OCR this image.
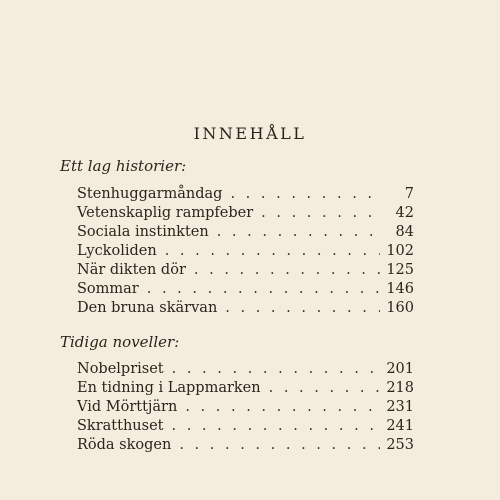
INNEHÅLL
Ett lag historier:
Stenhuggarmåndag . . .	7
Vetenskaplig rampfeber . . .	42
Sociala instinkten . . .	84
Lyckoliden . . .	102
När dikten dör . . .	125
Sommar . . .	146
Den bruna skärvan . . .	160
Tidiga noveller:
Nobelpriset . . .	201
En tidning i Lappmarken . . .	218
Vid Mörttjärn . . .	231
Skratthuset . . .	241
Röda skogen . . .	253
